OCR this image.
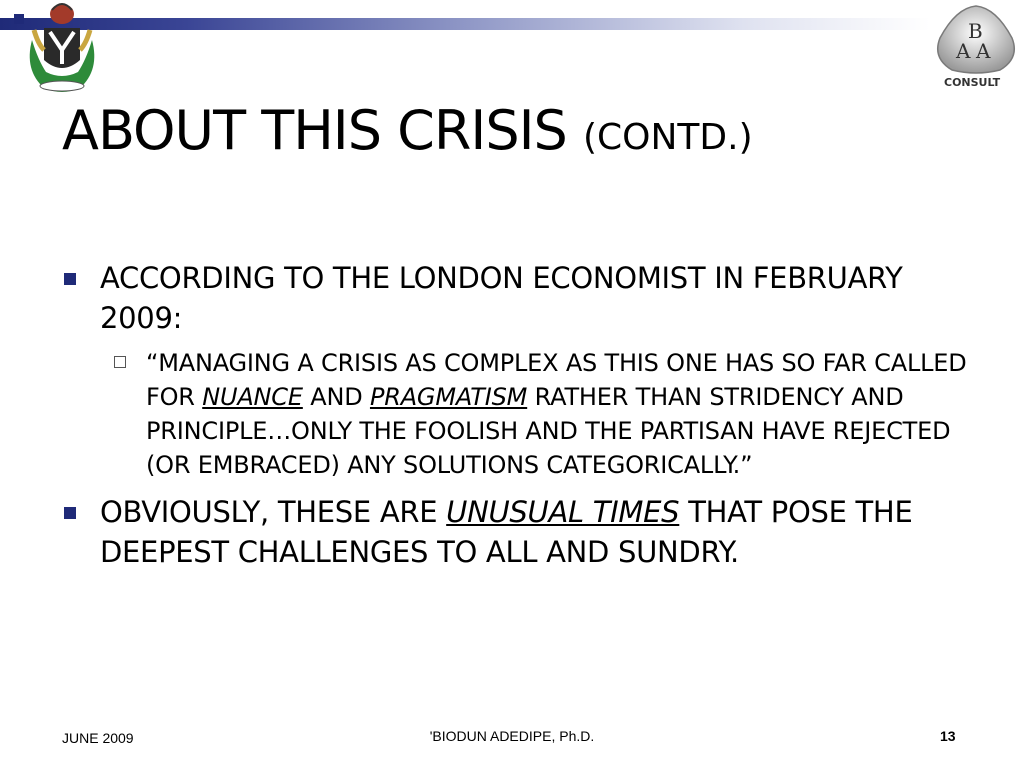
B
A A
CONSULT
ABOUT THIS CRISIS (CONTD.)
ACCORDING TO THE LONDON ECONOMIST IN FEBRUARY 2009:
“MANAGING A CRISIS AS COMPLEX AS THIS ONE HAS SO FAR CALLED FOR NUANCE AND PRAGMATISM RATHER THAN STRIDENCY AND PRINCIPLE…ONLY THE FOOLISH AND THE PARTISAN HAVE REJECTED (OR EMBRACED) ANY SOLUTIONS CATEGORICALLY.”
OBVIOUSLY, THESE ARE UNUSUAL TIMES THAT POSE THE DEEPEST CHALLENGES TO ALL AND SUNDRY.
JUNE 2009	'BIODUN ADEDIPE, Ph.D.	13
